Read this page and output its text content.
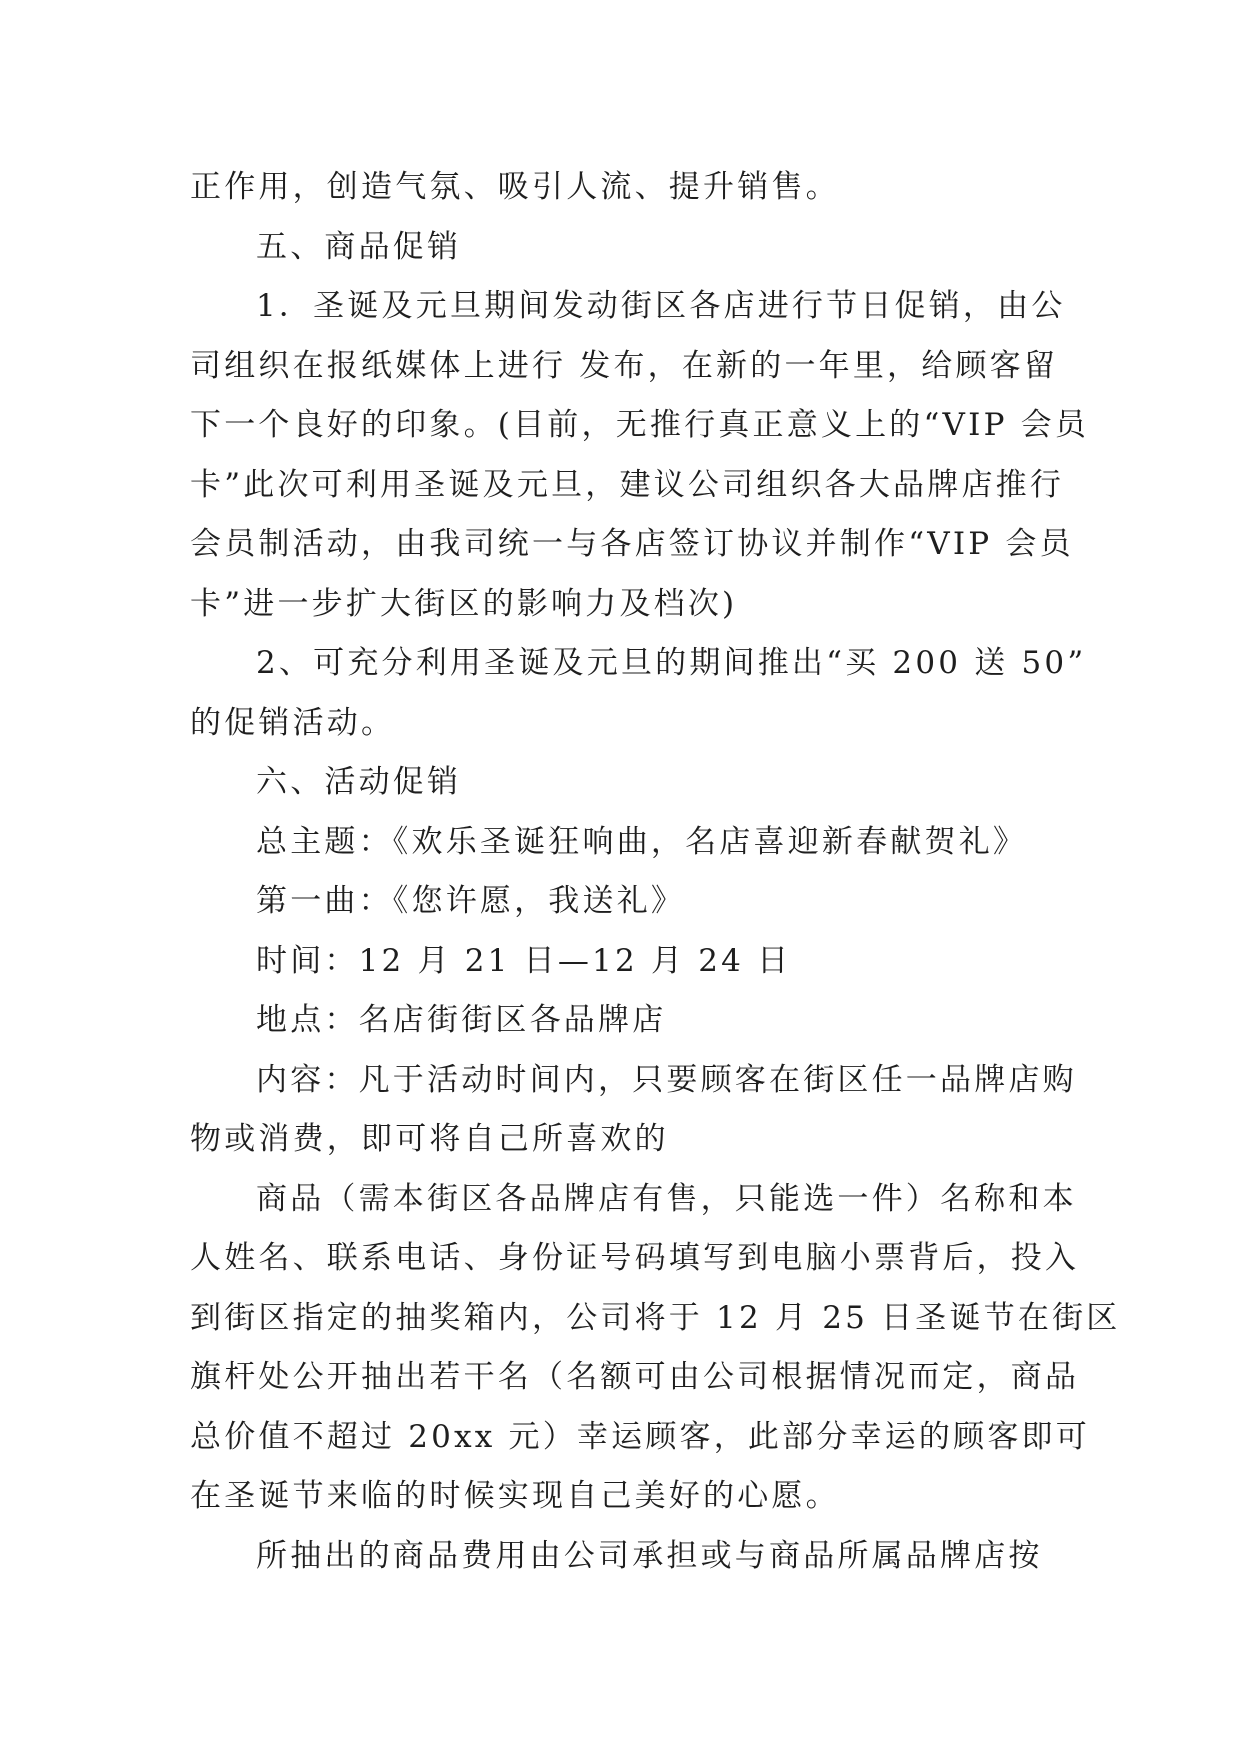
正作用，创造气氛、吸引人流、提升销售。
五、商品促销
1．圣诞及元旦期间发动街区各店进行节日促销，由公
司组织在报纸媒体上进行 发布，在新的一年里，给顾客留
下一个良好的印象。(目前，无推行真正意义上的“VIP 会员
卡”此次可利用圣诞及元旦，建议公司组织各大品牌店推行
会员制活动，由我司统一与各店签订协议并制作“VIP 会员
卡”进一步扩大街区的影响力及档次)
2、可充分利用圣诞及元旦的期间推出“买 200 送 50”
的促销活动。
六、活动促销
总主题：《欢乐圣诞狂响曲，名店喜迎新春献贺礼》
第一曲：《您许愿，我送礼》
时间：12 月 21 日—12 月 24 日
地点：名店街街区各品牌店
内容：凡于活动时间内，只要顾客在街区任一品牌店购
物或消费，即可将自己所喜欢的
商品（需本街区各品牌店有售，只能选一件）名称和本
人姓名、联系电话、身份证号码填写到电脑小票背后，投入
到街区指定的抽奖箱内，公司将于 12 月 25 日圣诞节在街区
旗杆处公开抽出若干名（名额可由公司根据情况而定，商品
总价值不超过 20xx 元）幸运顾客，此部分幸运的顾客即可
在圣诞节来临的时候实现自己美好的心愿。
所抽出的商品费用由公司承担或与商品所属品牌店按
